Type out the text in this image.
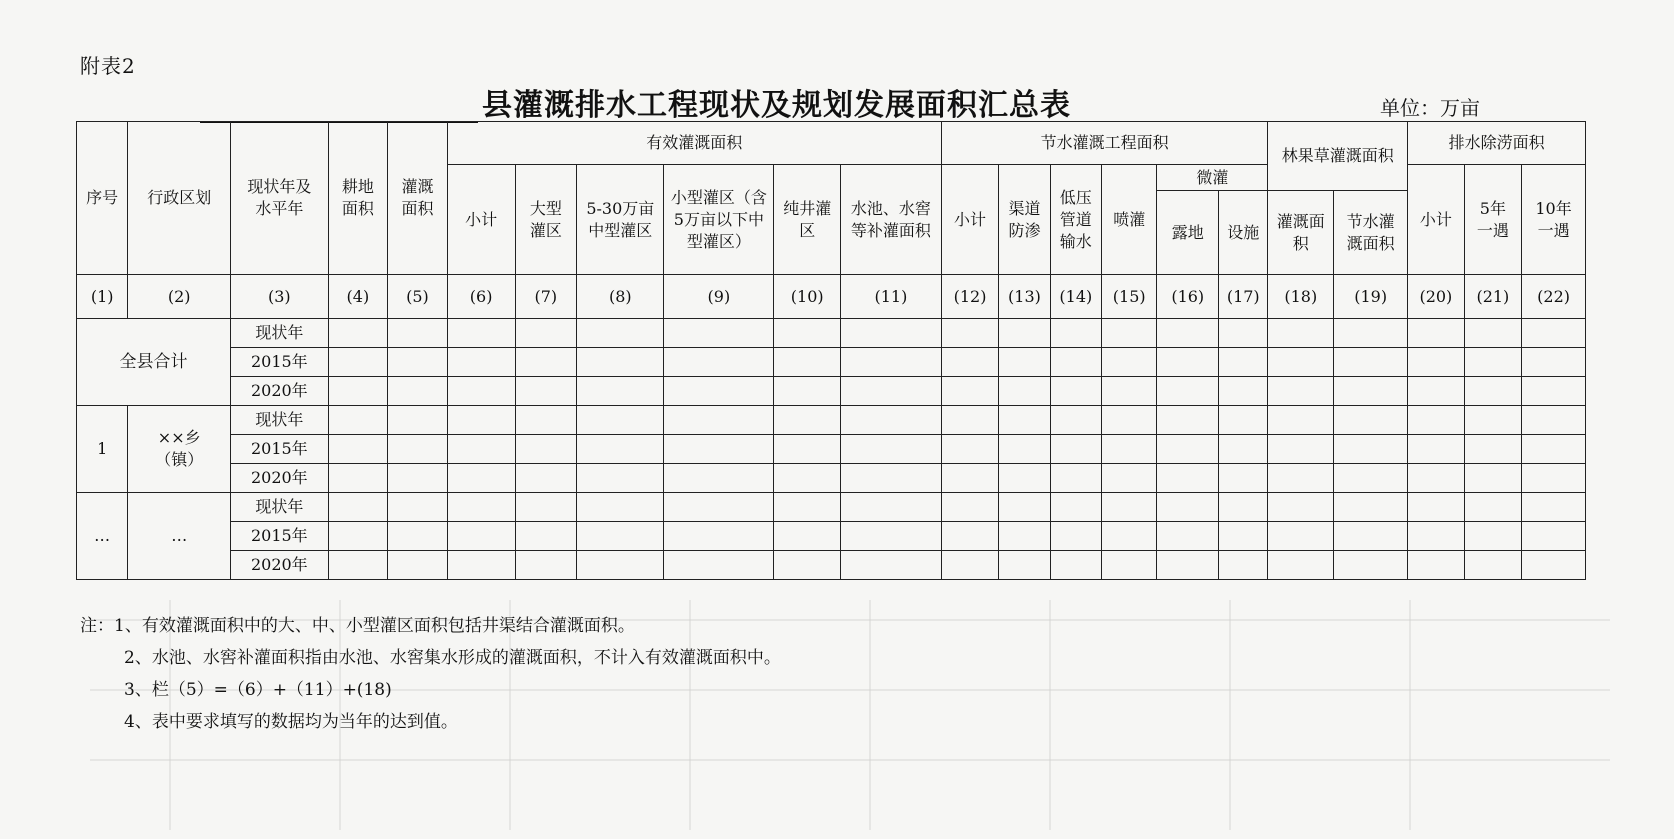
附表2
县灌溉排水工程现状及规划发展面积汇总表	单位：万亩
序号	行政区划	现状年及水平年	耕地面积	灌溉面积	有效灌溉面积						节水灌溉工程面积						林果草灌溉面积		排水除涝面积		
					小计	大型灌区	5-30万亩中型灌区	小型灌区（含5万亩以下中型灌区）	纯井灌区	水池、水窖等补灌面积	小计	渠道防渗	低压管道输水	喷灌	微灌				小计	5年一遇	10年一遇
															露地	设施	灌溉面积	节水灌溉面积			
(1)	(2)	(3)	(4)	(5)	(6)	(7)	(8)	(9)	(10)	(11)	(12)	(13)	(14)	(15)	(16)	(17)	(18)	(19)	(20)	(21)	(22)
全县合计		现状年																			
		2015年																			
		2020年																			
1	××乡（镇）	现状年																			
		2015年																			
		2020年																			
…	…	现状年																			
		2015年																			
		2020年																			
注：1、有效灌溉面积中的大、中、小型灌区面积包括井渠结合灌溉面积。
2、水池、水窖补灌面积指由水池、水窖集水形成的灌溉面积，不计入有效灌溉面积中。
3、栏（5）=（6）+（11）+(18)
4、表中要求填写的数据均为当年的达到值。
